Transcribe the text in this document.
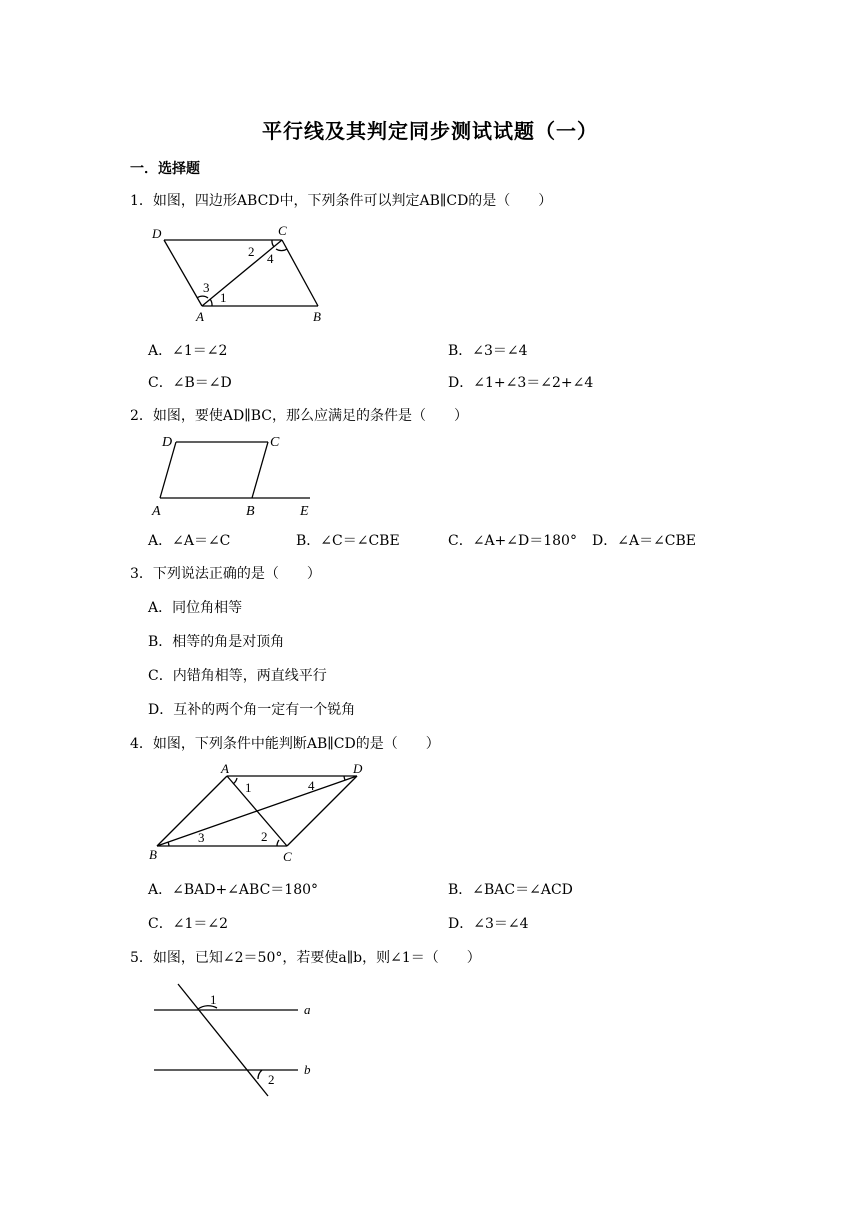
平行线及其判定同步测试试题（一）
一．选择题
1．如图，四边形ABCD中，下列条件可以判定AB∥CD的是（　　）
D	C
A	B
1
2
3
4
A．∠1＝∠2	B．∠3＝∠4
C．∠B＝∠D	D．∠1+∠3＝∠2+∠4
2．如图，要使AD∥BC，那么应满足的条件是（　　）
D	C
A	B	E
A．∠A＝∠C	B．∠C＝∠CBE	C．∠A+∠D＝180° D．∠A＝∠CBE
3．下列说法正确的是（　　）
A．同位角相等
B．相等的角是对顶角
C．内错角相等，两直线平行
D．互补的两个角一定有一个锐角
4．如图，下列条件中能判断AB∥CD的是（　　）
A	D
B	C
1
2
3
4
A．∠BAD+∠ABC＝180°	B．∠BAC＝∠ACD
C．∠1＝∠2	D．∠3＝∠4
5．如图，已知∠2＝50°，若要使a∥b，则∠1＝（　　）
1
a
b
2
